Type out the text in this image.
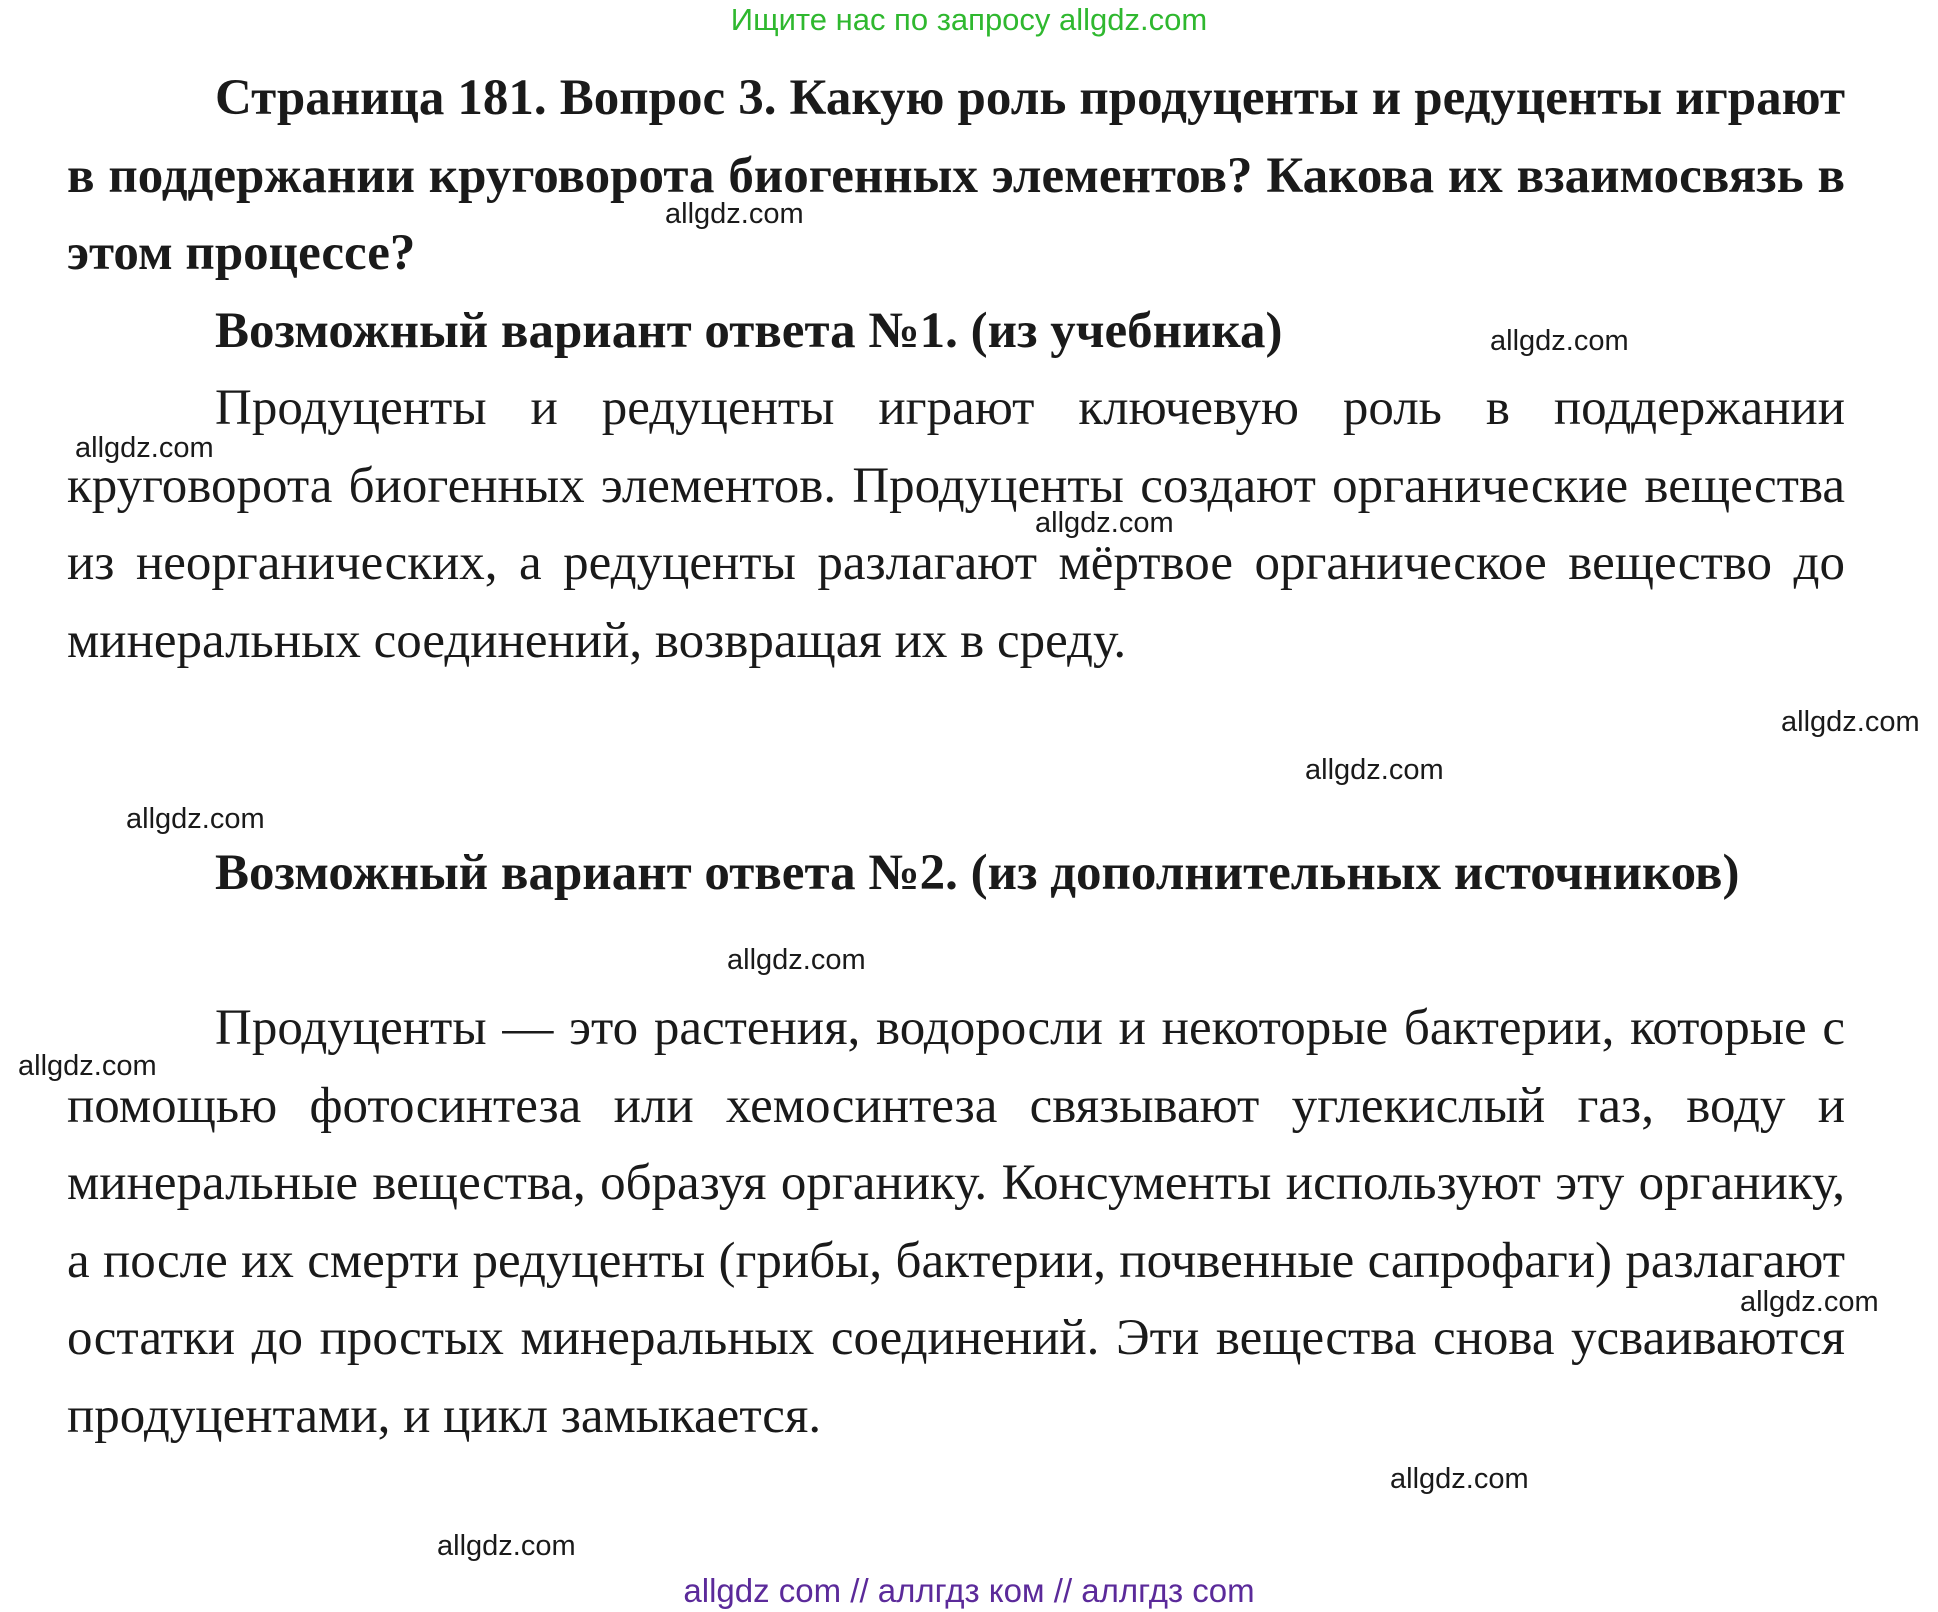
Ищите нас по запросу allgdz.com

Страница 181. Вопрос 3. Какую роль продуценты и редуценты играют в поддержании круговорота биогенных элементов? Какова их взаимосвязь в этом процессе?

Возможный вариант ответа №1. (из учебника)

Продуценты и редуценты играют ключевую роль в поддержании круговорота биогенных элементов. Продуценты создают органические вещества из неорганических, а редуценты разлагают мёртвое органическое вещество до минеральных соединений, возвращая их в среду.

Возможный вариант ответа №2. (из дополнительных источников)

Продуценты — это растения, водоросли и некоторые бактерии, которые с помощью фотосинтеза или хемосинтеза связывают углекислый газ, воду и минеральные вещества, образуя органику. Консументы используют эту органику, а после их смерти редуценты (грибы, бактерии, почвенные сапрофаги) разлагают остатки до простых минеральных соединений. Эти вещества снова усваиваются продуцентами, и цикл замыкается.

allgdz.com
allgdz.com
allgdz.com
allgdz.com
allgdz.com
allgdz.com
allgdz.com
allgdz.com
allgdz.com
allgdz.com
allgdz.com
allgdz.com
allgdz com // аллгдз ком // аллгдз com
